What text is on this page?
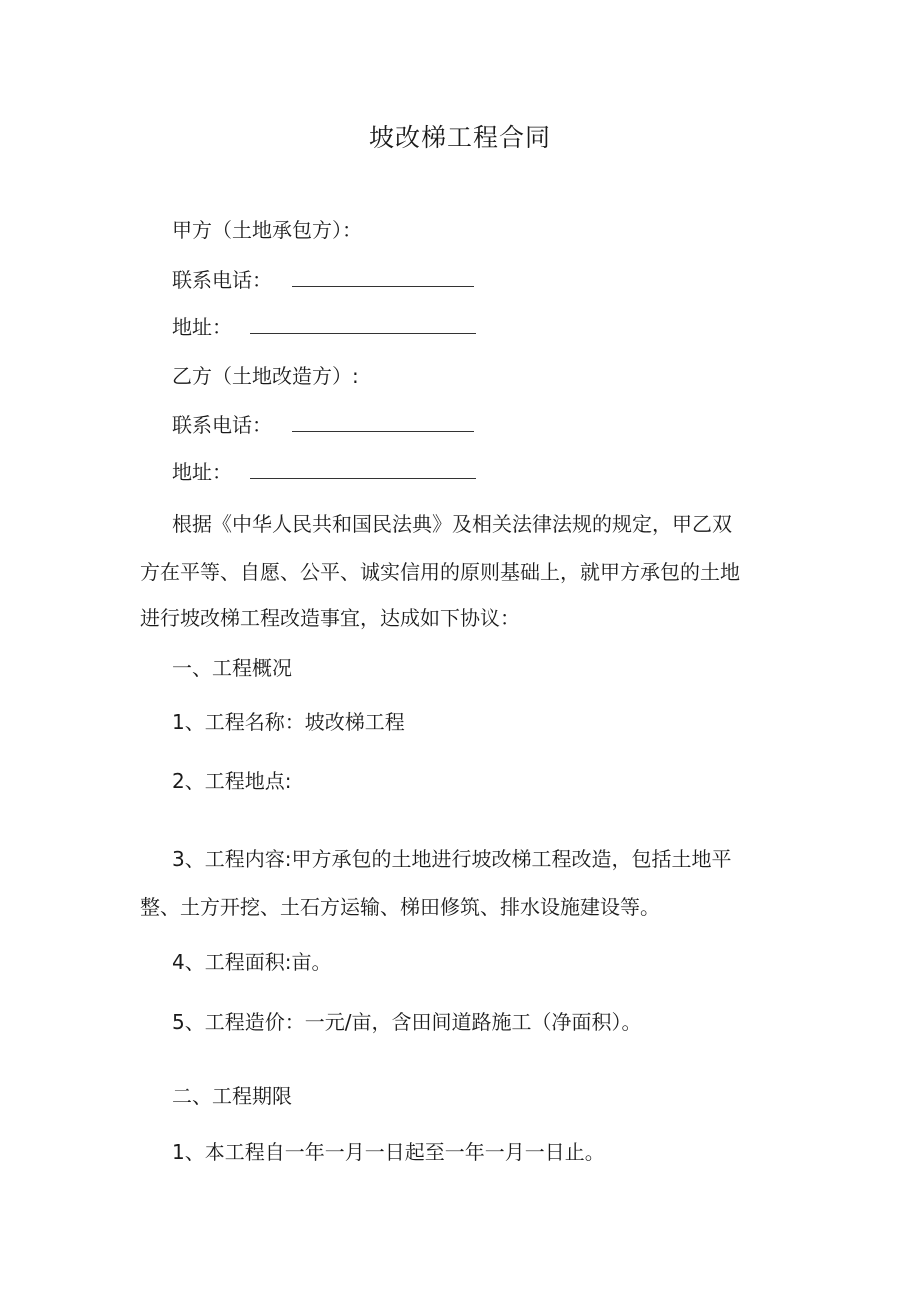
坡改梯工程合同
甲方（土地承包方）：
联系电话：
地址：
乙方（土地改造方）:
联系电话：
地址：
根据《中华人民共和国民法典》及相关法律法规的规定，甲乙双
方在平等、自愿、公平、诚实信用的原则基础上，就甲方承包的土地
进行坡改梯工程改造事宜，达成如下协议：
一、工程概况
1、工程名称：坡改梯工程
2、工程地点:
3、工程内容:甲方承包的土地进行坡改梯工程改造，包括土地平
整、土方开挖、土石方运输、梯田修筑、排水设施建设等。
4、工程面积:亩。
5、工程造价：一元/亩，含田间道路施工（净面积）。
二、工程期限
1、本工程自一年一月一日起至一年一月一日止。
